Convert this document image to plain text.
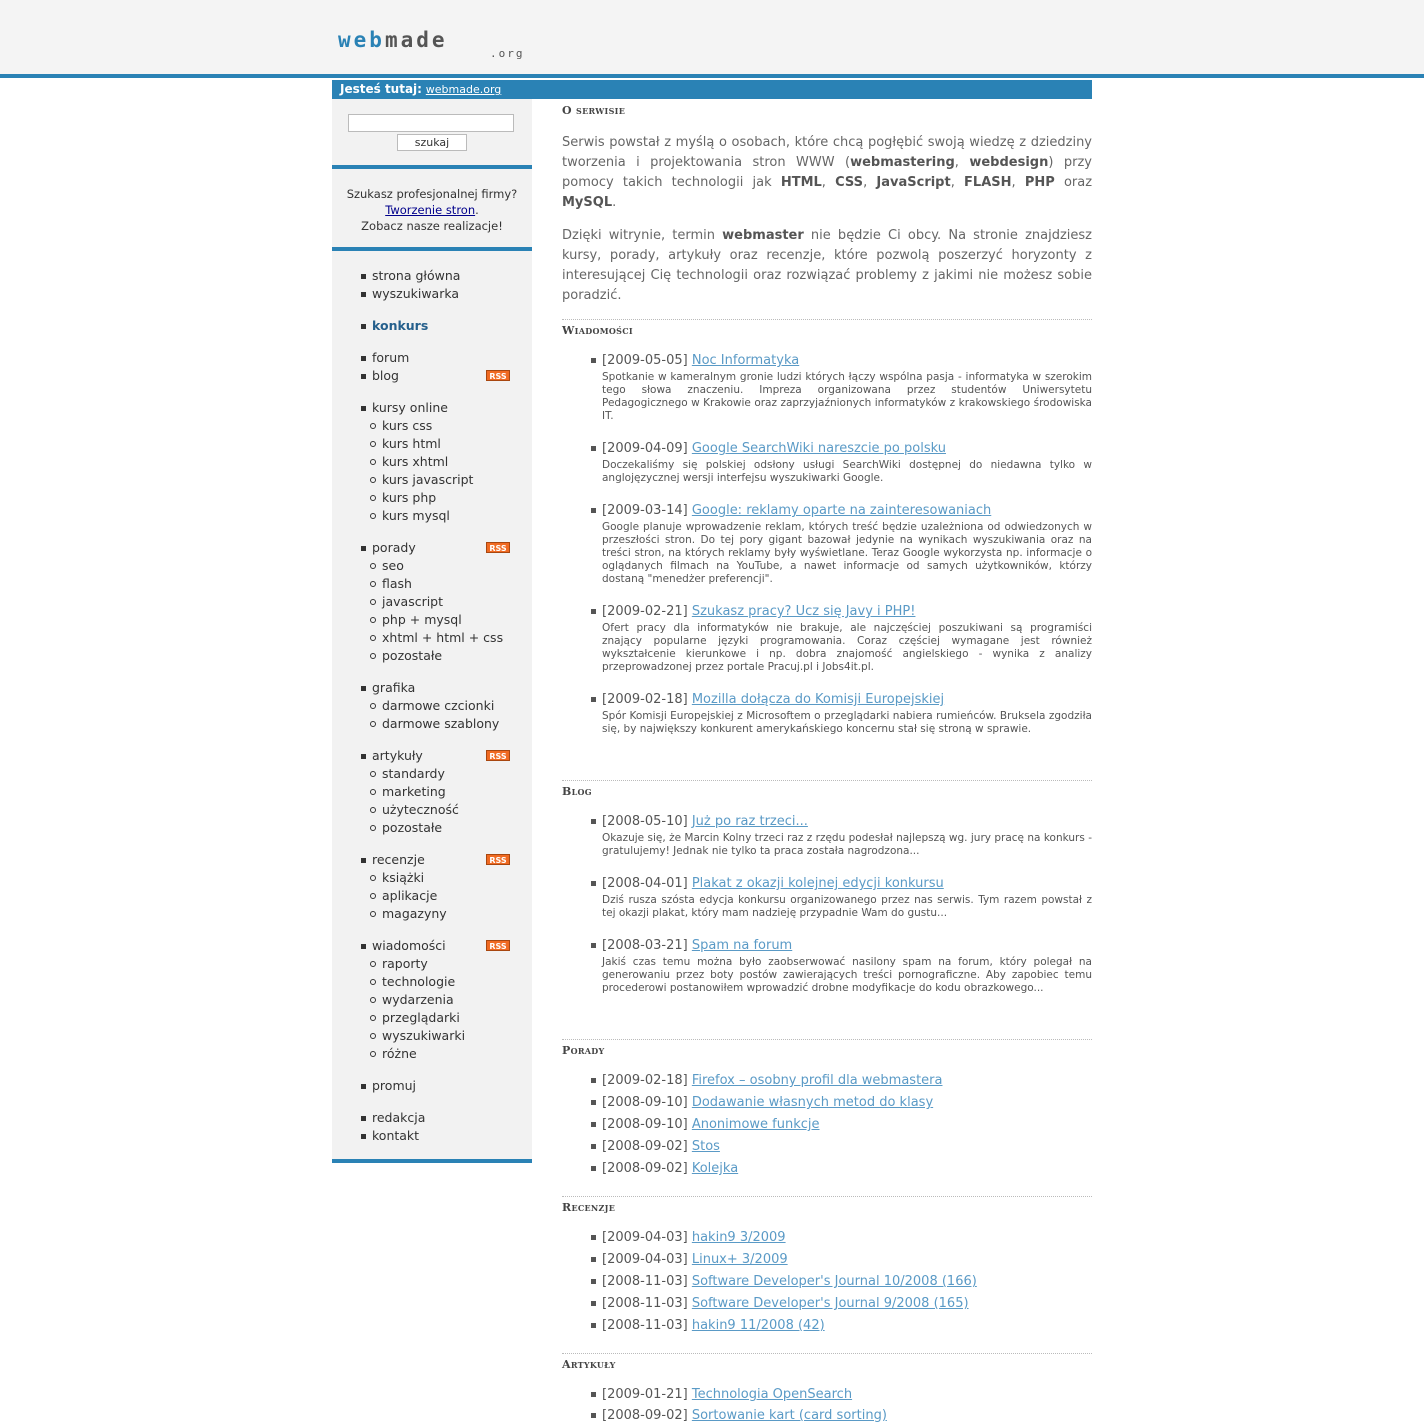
webmade
.org
Jesteś tutaj: webmade.org
szukaj
Szukasz profesjonalnej firmy?
Tworzenie stron.
Zobacz nasze realizacje!
strona główna
wyszukiwarka
konkurs
forum
blog	RSS
kursy online
kurs css
kurs html
kurs xhtml
kurs javascript
kurs php
kurs mysql
porady	RSS
seo
flash
javascript
php + mysql
xhtml + html + css
pozostałe
grafika
darmowe czcionki
darmowe szablony
artykuły	RSS
standardy
marketing
użyteczność
pozostałe
recenzje	RSS
książki
aplikacje
magazyny
wiadomości	RSS
raporty
technologie
wydarzenia
przeglądarki
wyszukiwarki
różne
promuj
redakcja
kontakt
O serwisie
Serwis powstał z myślą o osobach, które chcą pogłębić swoją wiedzę z dziedziny tworzenia i projektowania stron WWW (webmastering, webdesign) przy pomocy takich technologii jak HTML, CSS, JavaScript, FLASH, PHP oraz MySQL.
Dzięki witrynie, termin webmaster nie będzie Ci obcy. Na stronie znajdziesz kursy, porady, artykuły oraz recenzje, które pozwolą poszerzyć horyzonty z interesującej Cię technologii oraz rozwiązać problemy z jakimi nie możesz sobie poradzić.
Wiadomości
[2009-05-05] Noc Informatyka
Spotkanie w kameralnym gronie ludzi których łączy wspólna pasja - informatyka w szerokim tego słowa znaczeniu. Impreza organizowana przez studentów Uniwersytetu Pedagogicznego w Krakowie oraz zaprzyjaźnionych informatyków z krakowskiego środowiska IT.
[2009-04-09] Google SearchWiki nareszcie po polsku
Doczekaliśmy się polskiej odsłony usługi SearchWiki dostępnej do niedawna tylko w anglojęzycznej wersji interfejsu wyszukiwarki Google.
[2009-03-14] Google: reklamy oparte na zainteresowaniach
Google planuje wprowadzenie reklam, których treść będzie uzależniona od odwiedzonych w przeszłości stron. Do tej pory gigant bazował jedynie na wynikach wyszukiwania oraz na treści stron, na których reklamy były wyświetlane. Teraz Google wykorzysta np. informacje o oglądanych filmach na YouTube, a nawet informacje od samych użytkowników, którzy dostaną "menedżer preferencji".
[2009-02-21] Szukasz pracy? Ucz się Javy i PHP!
Ofert pracy dla informatyków nie brakuje, ale najczęściej poszukiwani są programiści znający popularne języki programowania. Coraz częściej wymagane jest również wykształcenie kierunkowe i np. dobra znajomość angielskiego - wynika z analizy przeprowadzonej przez portale Pracuj.pl i Jobs4it.pl.
[2009-02-18] Mozilla dołącza do Komisji Europejskiej
Spór Komisji Europejskiej z Microsoftem o przeglądarki nabiera rumieńców. Bruksela zgodziła się, by największy konkurent amerykańskiego koncernu stał się stroną w sprawie.
Blog
[2008-05-10] Już po raz trzeci...
Okazuje się, że Marcin Kolny trzeci raz z rzędu podesłał najlepszą wg. jury pracę na konkurs - gratulujemy! Jednak nie tylko ta praca została nagrodzona...
[2008-04-01] Plakat z okazji kolejnej edycji konkursu
Dziś rusza szósta edycja konkursu organizowanego przez nas serwis. Tym razem powstał z tej okazji plakat, który mam nadzieję przypadnie Wam do gustu...
[2008-03-21] Spam na forum
Jakiś czas temu można było zaobserwować nasilony spam na forum, który polegał na generowaniu przez boty postów zawierających treści pornograficzne. Aby zapobiec temu procederowi postanowiłem wprowadzić drobne modyfikacje do kodu obrazkowego...
Porady
[2009-02-18] Firefox – osobny profil dla webmastera
[2008-09-10] Dodawanie własnych metod do klasy
[2008-09-10] Anonimowe funkcje
[2008-09-02] Stos
[2008-09-02] Kolejka
Recenzje
[2009-04-03] hakin9 3/2009
[2009-04-03] Linux+ 3/2009
[2008-11-03] Software Developer's Journal 10/2008 (166)
[2008-11-03] Software Developer's Journal 9/2008 (165)
[2008-11-03] hakin9 11/2008 (42)
Artykuły
[2009-01-21] Technologia OpenSearch
[2008-09-02] Sortowanie kart (card sorting)
